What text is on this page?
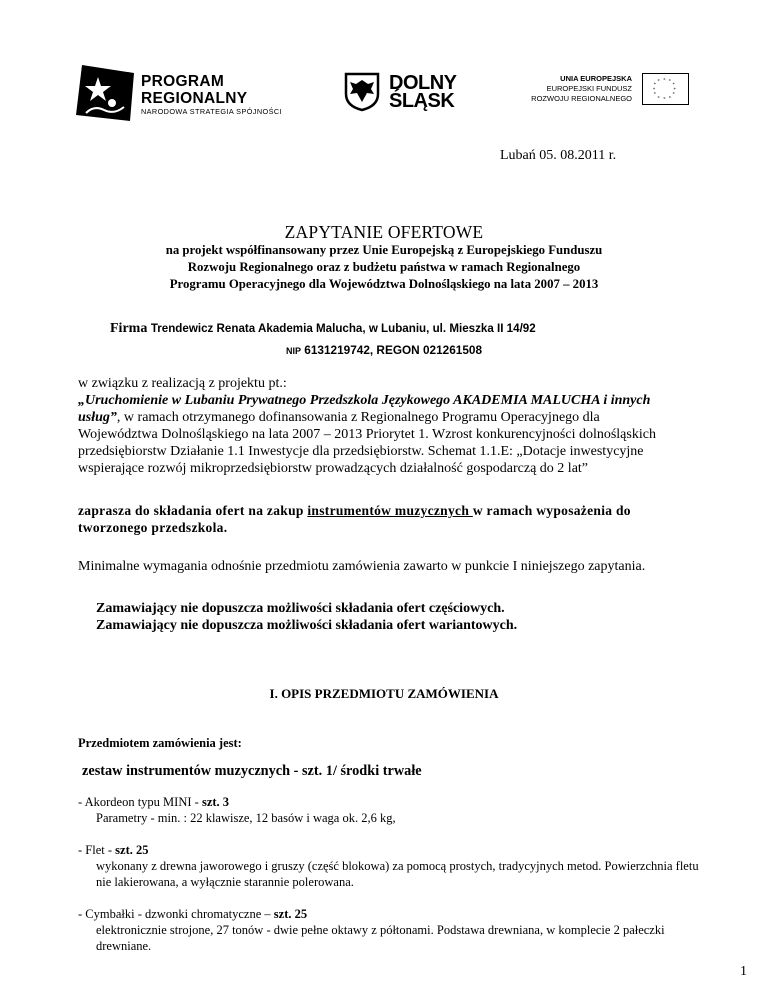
PROGRAM
REGIONALNY
NARODOWA STRATEGIA SPÓJNOŚCI
DOLNY
ŚLĄSK
UNIA EUROPEJSKA
EUROPEJSKI FUNDUSZ
ROZWOJU REGIONALNEGO
* *
*
*
*
*
*
*
*
*
*
*
Lubań 05. 08.2011 r.
ZAPYTANIE OFERTOWE
na projekt współfinansowany przez Unie Europejską z Europejskiego Funduszu
Rozwoju Regionalnego oraz z budżetu państwa w ramach Regionalnego
Programu Operacyjnego dla Województwa Dolnośląskiego na lata 2007 – 2013
Firma Trendewicz Renata Akademia Malucha, w Lubaniu, ul. Mieszka II 14/92
NIP 6131219742, REGON 021261508
w związku z realizacją z projektu pt.:
„Uruchomienie w Lubaniu Prywatnego Przedszkola Językowego AKADEMIA MALUCHA i innych usług”, w ramach otrzymanego dofinansowania z Regionalnego Programu Operacyjnego dla Województwa Dolnośląskiego na lata 2007 – 2013 Priorytet 1. Wzrost konkurencyjności dolnośląskich przedsiębiorstw Działanie 1.1 Inwestycje dla przedsiębiorstw. Schemat 1.1.E: „Dotacje inwestycyjne wspierające rozwój mikroprzedsiębiorstw prowadzących działalność gospodarczą do 2 lat”
zaprasza do składania ofert na zakup instrumentów muzycznych w ramach wyposażenia do tworzonego przedszkola.
Minimalne wymagania odnośnie przedmiotu zamówienia zawarto w punkcie I niniejszego zapytania.
Zamawiający nie dopuszcza możliwości składania ofert częściowych.
Zamawiający nie dopuszcza możliwości składania ofert wariantowych.
I. OPIS PRZEDMIOTU ZAMÓWIENIA
Przedmiotem zamówienia jest:
zestaw instrumentów muzycznych - szt. 1/ środki trwałe
- Akordeon typu MINI - szt. 3
Parametry - min. : 22 klawisze, 12 basów i waga ok. 2,6 kg,
- Flet - szt. 25
wykonany z drewna jaworowego i gruszy (część blokowa) za pomocą prostych, tradycyjnych metod. Powierzchnia fletu nie lakierowana, a wyłącznie starannie polerowana.
- Cymbałki - dzwonki chromatyczne – szt. 25
elektronicznie strojone, 27 tonów - dwie pełne oktawy z półtonami. Podstawa drewniana, w komplecie 2 pałeczki drewniane.
1
